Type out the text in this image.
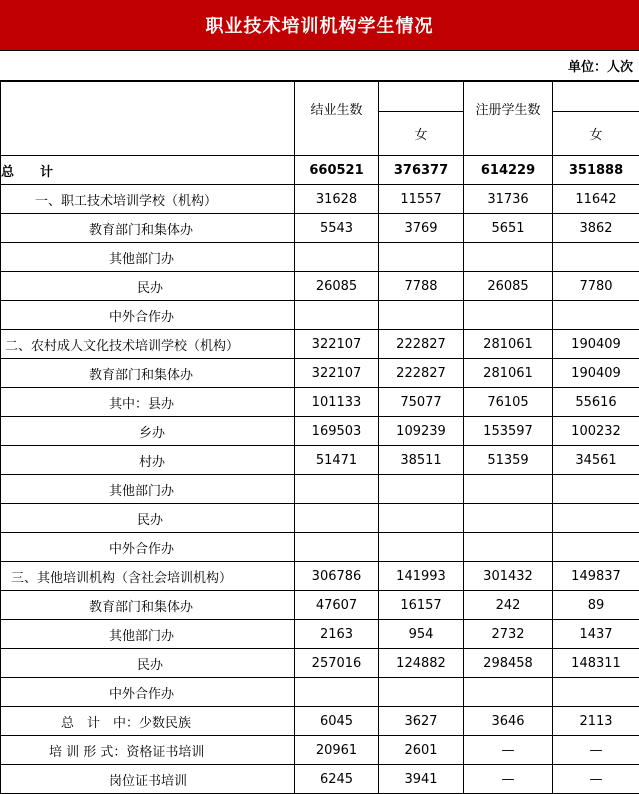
职业技术培训机构学生情况
单位：人次

	结业生数	女	注册学生数	女

总　　计	660521	376377	614229	351888
一、职工技术培训学校（机构）	31628	11557	31736	11642
教育部门和集体办	5543	3769	5651	3862
其他部门办				
民办	26085	7788	26085	7780
中外合作办				
二、农村成人文化技术培训学校（机构）	322107	222827	281061	190409
教育部门和集体办	322107	222827	281061	190409
其中：县办	101133	75077	76105	55616
乡办	169503	109239	153597	100232
村办	51471	38511	51359	34561
其他部门办				
民办				
中外合作办				
三、其他培训机构（含社会培训机构）	306786	141993	301432	149837
教育部门和集体办	47607	16157	242	89
其他部门办	2163	954	2732	1437
民办	257016	124882	298458	148311
中外合作办				
总　计　中：少数民族	6045	3627	3646	2113
培 训 形 式：资格证书培训	20961	2601	—	—
岗位证书培训	6245	3941	—	—
